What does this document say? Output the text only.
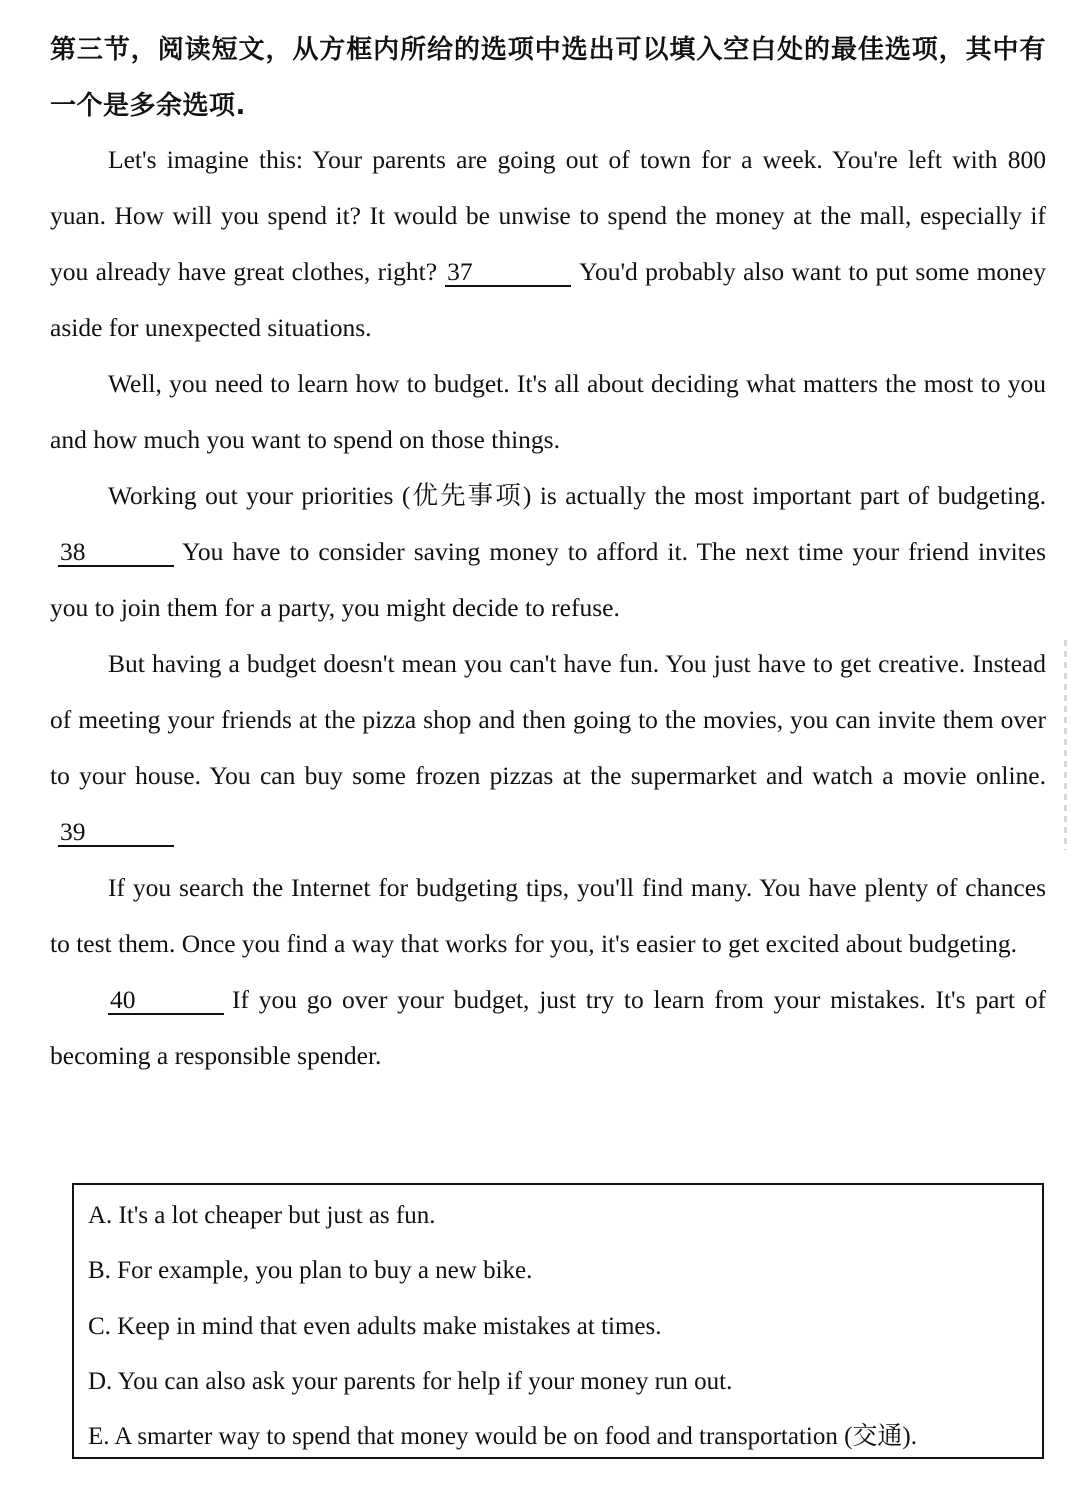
第三节，阅读短文，从方框内所给的选项中选出可以填入空白处的最佳选项，其中有一个是多余选项.

Let's imagine this: Your parents are going out of town for a week. You're left with 800 yuan. How will you spend it? It would be unwise to spend the money at the mall, especially if you already have great clothes, right? 37	You'd probably also want to put some money aside for unexpected situations.

Well, you need to learn how to budget. It's all about deciding what matters the most to you and how much you want to spend on those things.

Working out your priorities (优先事项) is actually the most important part of budgeting.38	You have to consider saving money to afford it. The next time your friend invites you to join them for a party, you might decide to refuse.

But having a budget doesn't mean you can't have fun. You just have to get creative. Instead of meeting your friends at the pizza shop and then going to the movies, you can invite them over to your house. You can buy some frozen pizzas at the supermarket and watch a movie online.39

If you search the Internet for budgeting tips, you'll find many. You have plenty of chances to test them. Once you find a way that works for you, it's easier to get excited about budgeting.

40	If you go over your budget, just try to learn from your mistakes. It's part of becoming a responsible spender.

A. It's a lot cheaper but just as fun.
B. For example, you plan to buy a new bike.
C. Keep in mind that even adults make mistakes at times.
D. You can also ask your parents for help if your money run out.
E. A smarter way to spend that money would be on food and transportation (交通).
